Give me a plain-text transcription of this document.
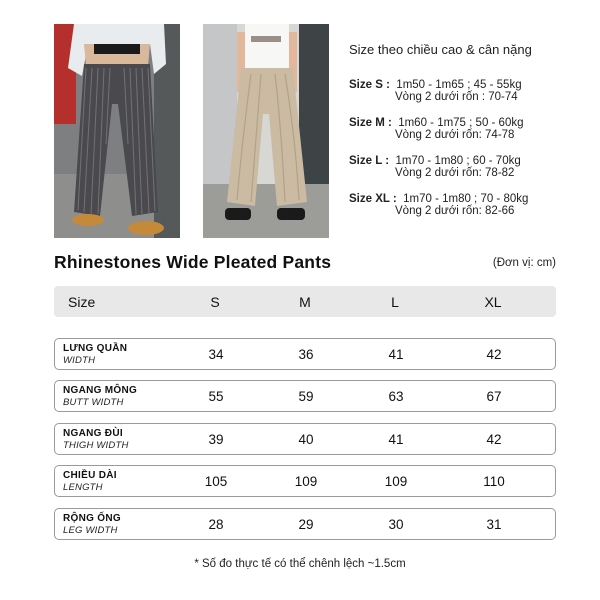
Size theo chiều cao & cân nặng
Size S : 1m50 - 1m65 ; 45 - 55kg
Vòng 2 dưới rốn : 70-74
Size M : 1m60 - 1m75 ; 50 - 60kg
Vòng 2 dưới rốn: 74-78
Size L : 1m70 - 1m80 ; 60 - 70kg
Vòng 2 dưới rốn: 78-82
Size XL : 1m70 - 1m80 ; 70 - 80kg
Vòng 2 dưới rốn: 82-66
Rhinestones Wide Pleated Pants	(Đơn vị: cm)
Size	S	M	L	XL
LƯNG QUẦN
WIDTH	34	36	41	42
NGANG MÔNG
BUTT WIDTH	55	59	63	67
NGANG ĐÙI
THIGH WIDTH	39	40	41	42
CHIỀU DÀI
LENGTH	105	109	109	110
RỘNG ỐNG
LEG WIDTH	28	29	30	31
* Số đo thực tế có thể chênh lệch ~1.5cm
